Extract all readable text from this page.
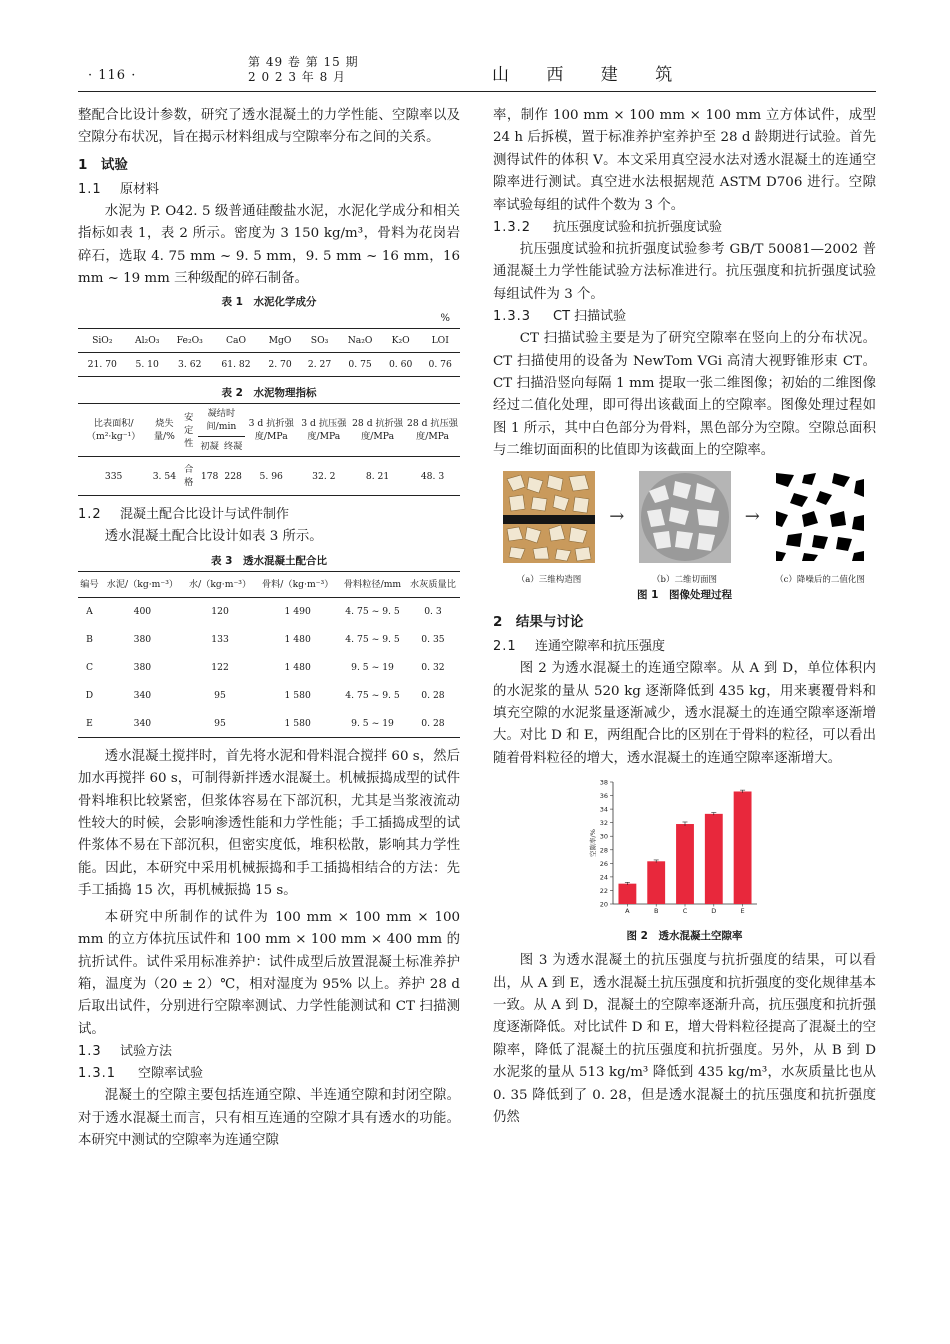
· 116 ·
第 49 卷 第 15 期
2 0 2 3 年 8 月	山 西 建 筑

整配合比设计参数，研究了透水混凝土的力学性能、空隙率以及空隙分布状况，旨在揭示材料组成与空隙率分布之间的关系。

1　试验
1.1 原材料

水泥为 P. O42. 5 级普通硅酸盐水泥，水泥化学成分和相关指标如表 1，表 2 所示。密度为 3 150 kg/m³，骨料为花岗岩碎石，选取 4. 75 mm ~ 9. 5 mm，9. 5 mm ~ 16 mm，16 mm ~ 19 mm 三种级配的碎石制备。

表 1　水泥化学成分
%
SiO₂	Al₂O₃	Fe₂O₃	CaO	MgO	SO₃	Na₂O	K₂O	LOI
21. 70	5. 10	3. 62	61. 82	2. 70	2. 27	0. 75	0. 60	0. 76
表 2　水泥物理指标
比表面积/（m²·kg⁻¹）	烧失量/%	安定性	凝结时间/min		3 d 抗折强度/MPa	3 d 抗压强度/MPa	28 d 抗折强度/MPa	28 d 抗压强度/MPa
			初凝	终凝				
335	3. 54	合格	178	228	5. 96	32. 2	8. 21	48. 3
1.2 混凝土配合比设计与试件制作

透水混凝土配合比设计如表 3 所示。

表 3　透水混凝土配合比
编号	水泥/（kg·m⁻³）	水/（kg·m⁻³）	骨料/（kg·m⁻³）	骨料粒径/mm	水灰质量比
A	400	120	1 490	4. 75 ~ 9. 5	0. 3
B	380	133	1 480	4. 75 ~ 9. 5	0. 35
C	380	122	1 480	9. 5 ~ 19	0. 32
D	340	95	1 580	4. 75 ~ 9. 5	0. 28
E	340	95	1 580	9. 5 ~ 19	0. 28

透水混凝土搅拌时，首先将水泥和骨料混合搅拌 60 s，然后加水再搅拌 60 s，可制得新拌透水混凝土。机械振捣成型的试件骨料堆积比较紧密，但浆体容易在下部沉积，尤其是当浆液流动性较大的时候，会影响渗透性能和力学性能；手工插捣成型的试件浆体不易在下部沉积，但密实度低，堆积松散，影响其力学性能。因此，本研究中采用机械振捣和手工插捣相结合的方法：先手工插捣 15 次，再机械振捣 15 s。

本研究中所制作的试件为 100 mm × 100 mm × 100 mm 的立方体抗压试件和 100 mm × 100 mm × 400 mm 的抗折试件。试件采用标准养护：试件成型后放置混凝土标准养护箱，温度为（20 ± 2）℃，相对湿度为 95% 以上。养护 28 d 后取出试件，分别进行空隙率测试、力学性能测试和 CT 扫描测试。

1.3 试验方法
1.3.1 空隙率试验

混凝土的空隙主要包括连通空隙、半连通空隙和封闭空隙。对于透水混凝土而言，只有相互连通的空隙才具有透水的功能。本研究中测试的空隙率为连通空隙

率，制作 100 mm × 100 mm × 100 mm 立方体试件，成型 24 h 后拆模，置于标准养护室养护至 28 d 龄期进行试验。首先测得试件的体积 V。本文采用真空浸水法对透水混凝土的连通空隙率进行测试。真空进水法根据规范 ASTM D706 进行。空隙率试验每组的试件个数为 3 个。

1.3.2 抗压强度试验和抗折强度试验

抗压强度试验和抗折强度试验参考 GB/T 50081—2002 普通混凝土力学性能试验方法标准进行。抗压强度和抗折强度试验每组试件为 3 个。

1.3.3 CT 扫描试验

CT 扫描试验主要是为了研究空隙率在竖向上的分布状况。CT 扫描使用的设备为 NewTom VGi 高清大视野锥形束 CT。CT 扫描沿竖向每隔 1 mm 提取一张二维图像；初始的二维图像经过二值化处理，即可得出该截面上的空隙率。图像处理过程如图 1 所示，其中白色部分为骨料，黑色部分为空隙。空隙总面积与二维切面面积的比值即为该截面上的空隙率。

（a）三维构造图
→
（b）二维切面图
→
（c）降噪后的二值化图
图 1　图像处理过程
2　结果与讨论
2.1 连通空隙率和抗压强度

图 2 为透水混凝土的连通空隙率。从 A 到 D，单位体积内的水泥浆的量从 520 kg 逐渐降低到 435 kg，用来裹覆骨料和填充空隙的水泥浆量逐渐减少，透水混凝土的连通空隙率逐渐增大。对比 D 和 E，两组配合比的区别在于骨料的粒径，可以看出随着骨料粒径的增大，透水混凝土的连通空隙率逐渐增大。

20
22
24
26
28
30
32
34
36
38
空隙率/%
A	B	C	D	E
图 2　透水混凝土空隙率

图 3 为透水混凝土的抗压强度与抗折强度的结果，可以看出，从 A 到 E，透水混凝土抗压强度和抗折强度的变化规律基本一致。从 A 到 D，混凝土的空隙率逐渐升高，抗压强度和抗折强度逐渐降低。对比试件 D 和 E，增大骨料粒径提高了混凝土的空隙率，降低了混凝土的抗压强度和抗折强度。另外，从 B 到 D 水泥浆的量从 513 kg/m³ 降低到 435 kg/m³，水灰质量比也从 0. 35 降低到了 0. 28，但是透水混凝土的抗压强度和抗折强度仍然
